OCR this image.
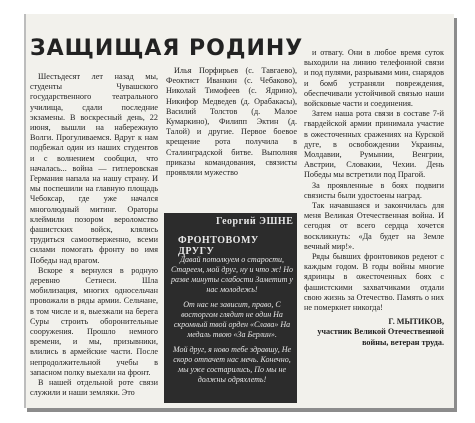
ЗАЩИЩАЯ РОДИНУ

Шестьдесят лет назад мы, студенты Чувашского государственного театрального училища, сдали последние экзамены. В воскресный день, 22 июня, вышли на набережную Волги. Прогуливаемся. Вдруг к нам подбежал один из наших студентов и с волнением сообщил, что началась... война — гитлеровская Германия напала на нашу страну. И мы поспешили на главную площадь Чебоксар, где уже начался многолюдный митинг. Ораторы клеймили позором вероломство фашистских войск, клялись трудиться самоотверженно, всеми силами помогать фронту во имя Победы над врагом.

Вскоре я вернулся в родную деревню Сетнеси. Шла мобилизация, многих односельчан провожали в ряды армии. Сельчане, в том числе и я, выезжали на берега Суры строить оборонительные сооружения. Прошло немного времени, и мы, призывники, влились в армейские части. После непродолжительной учебы в запасном полку выехали на фронт.

В нашей отдельной роте связи служили и наши земляки. Это

Илья Порфирьев (с. Тавгаево), Феоктист Иванкин (с. Чебаково), Николай Тимофеев (с. Ядрино), Никифор Медведев (д. Орабакасы), Василий Толстов (д. Малое Кумаркино), Филипп Эктин (д. Талой) и другие. Первое боевое крещение рота получила в Сталинградской битве. Выполняя приказы командования, связисты проявляли мужество

Георгий ЭШНЕ
ФРОНТОВОМУ ДРУГУ

Давай потолкуем о старости, Стареем, мой друг, ну и что ж! Но разве минуты слабости Заметит у нас молодежь!

От нас не зависит, право, С восторгом глядит не один На скромный твой орден «Слава» На медаль твою «За Берлин».

Мой друг, я ново тебе здравшу, Не скоро отпачет нас мечь. Конечно, мы уже состарились, По мы не должны одряхлеть!

и отвагу. Они в любое время суток выходили на линию телефонной связи и под пулями, разрывами мин, снарядов и бомб устраняли повреждения, обеспечивали устойчивой связью наши войсковые части и соединения.

Затем наша рота связи в составе 7-й гвардейской армии принимала участие в ожесточенных сражениях на Курской дуге, в освобождении Украины, Молдавии, Румынии, Венгрии, Австрии, Словакии, Чехии. День Победы мы встретили под Прагой.

За проявленные в боях подвиги связисты были удостоены наград.

Так начавшаяся и закончилась для меня Великая Отечественная война. И сегодня от всего сердца хочется воскликнуть: «Да будет на Земле вечный мир!».

Ряды бывших фронтовиков редеют с каждым годом. В годы войны многие ядринцы в ожесточенных боях с фашистскими захватчиками отдали свою жизнь за Отечество. Память о них не померкнет никогда!

Г. МЫТИКОВ,
участник Великой Отечественной войны, ветеран труда.
